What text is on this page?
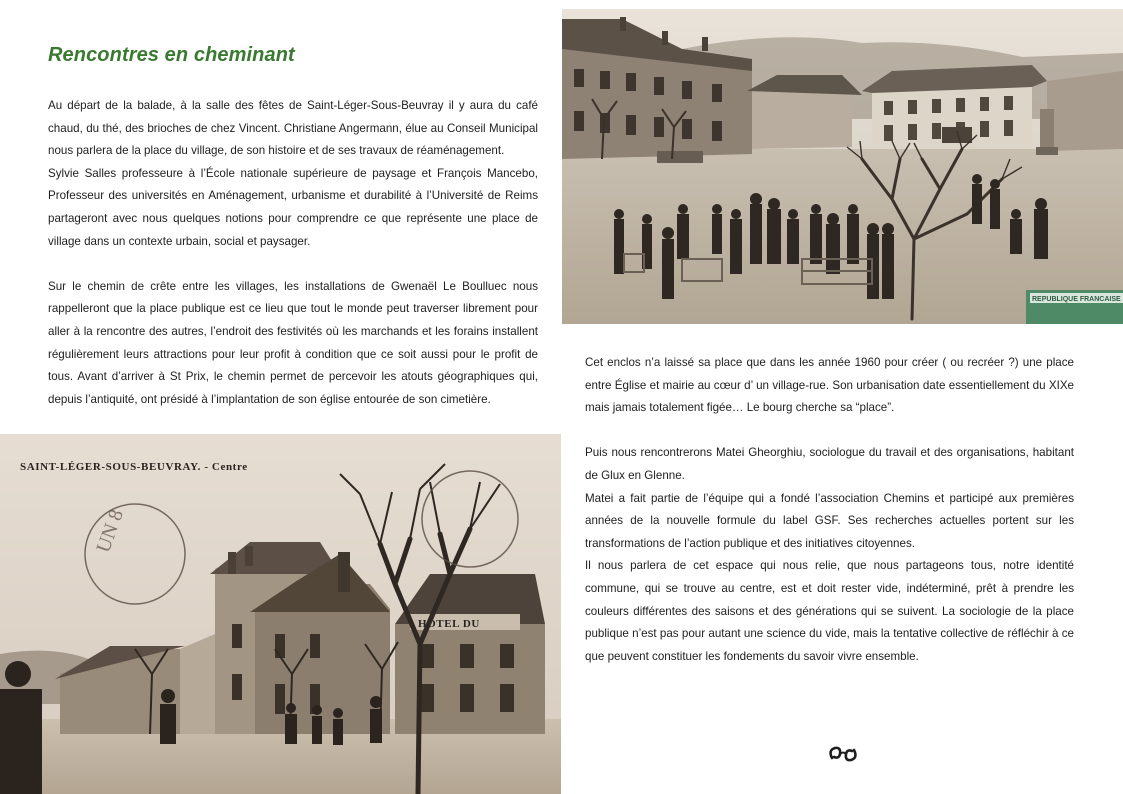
Rencontres en cheminant

Au départ de la balade, à la salle des fêtes de Saint-Léger-Sous-Beuvray il y aura du café chaud, du thé, des brioches de chez Vincent. Christiane Angermann, élue au Conseil Municipal nous parlera de la place du village, de son histoire et de ses travaux de réaménagement.

Sylvie Salles professeure à l’École nationale supérieure de paysage et François Mancebo, Professeur des universités en Aménagement, urbanisme et durabilité à l’Université de Reims partageront avec nous quelques notions pour comprendre ce que représente une place de village dans un contexte urbain, social et paysager.

Sur le chemin de crête entre les villages, les installations de Gwenaël Le Boulluec nous rappelleront que la place publique est ce lieu que tout le monde peut traverser librement pour aller à la rencontre des autres, l’endroit des festivités où les marchands et les forains installent régulièrement leurs attractions pour leur profit à condition que ce soit aussi pour le profit de tous. Avant d’arriver à St Prix, le chemin permet de percevoir les atouts géographiques qui, depuis l’antiquité, ont présidé à l’implantation de son église entourée de son cimetière.

Cet enclos n’a laissé sa place que dans les année 1960 pour créer ( ou recréer ?) une place entre Église et mairie au cœur d’ un village-rue. Son urbanisation date essentiellement du XIXe mais jamais totalement figée… Le bourg cherche sa “place”.

Puis nous rencontrerons Matei Gheorghiu, sociologue du travail et des organisations, habitant de Glux en Glenne.

Matei a fait partie de l’équipe qui a fondé l’association Chemins et participé aux premières années de la nouvelle formule du label GSF. Ses recherches actuelles portent sur les transformations de l’action publique et des initiatives citoyennes.

Il nous parlera de cet espace qui nous relie, que nous partageons tous, notre identité commune, qui se trouve au centre, est et doit rester vide, indéterminé, prêt à prendre les couleurs différentes des saisons et des générations qui se suivent. La sociologie de la place publique n’est pas pour autant une science du vide, mais la tentative collective de réfléchir à ce que peuvent constituer les fondements du savoir vivre ensemble.

REPUBLIQUE FRANCAISE
HOTEL DU
UN 8
SAINT-LÉGER-SOUS-BEUVRAY. - Centre
